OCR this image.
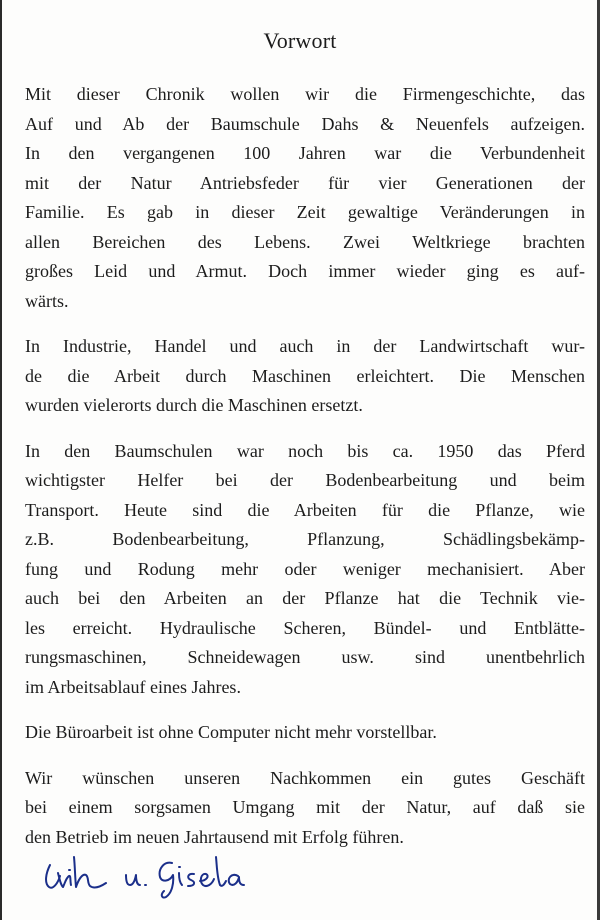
Vorwort

Mit dieser Chronik wollen wir die Firmengeschichte, das
Auf und Ab der Baumschule Dahs & Neuenfels aufzeigen.
In den vergangenen 100 Jahren war die Verbundenheit
mit der Natur Antriebsfeder für vier Generationen der
Familie. Es gab in dieser Zeit gewaltige Veränderungen in
allen Bereichen des Lebens. Zwei Weltkriege brachten
großes Leid und Armut. Doch immer wieder ging es auf-
wärts.

In Industrie, Handel und auch in der Landwirtschaft wur-
de die Arbeit durch Maschinen erleichtert. Die Menschen
wurden vielerorts durch die Maschinen ersetzt.

In den Baumschulen war noch bis ca. 1950 das Pferd
wichtigster Helfer bei der Bodenbearbeitung und beim
Transport. Heute sind die Arbeiten für die Pflanze, wie
z.B. Bodenbearbeitung, Pflanzung, Schädlingsbekämp-
fung und Rodung mehr oder weniger mechanisiert. Aber
auch bei den Arbeiten an der Pflanze hat die Technik vie-
les erreicht. Hydraulische Scheren, Bündel- und Entblätte-
rungsmaschinen, Schneidewagen usw. sind unentbehrlich
im Arbeitsablauf eines Jahres.

Die Büroarbeit ist ohne Computer nicht mehr vorstellbar.

Wir wünschen unseren Nachkommen ein gutes Geschäft
bei einem sorgsamen Umgang mit der Natur, auf daß sie
den Betrieb im neuen Jahrtausend mit Erfolg führen.
